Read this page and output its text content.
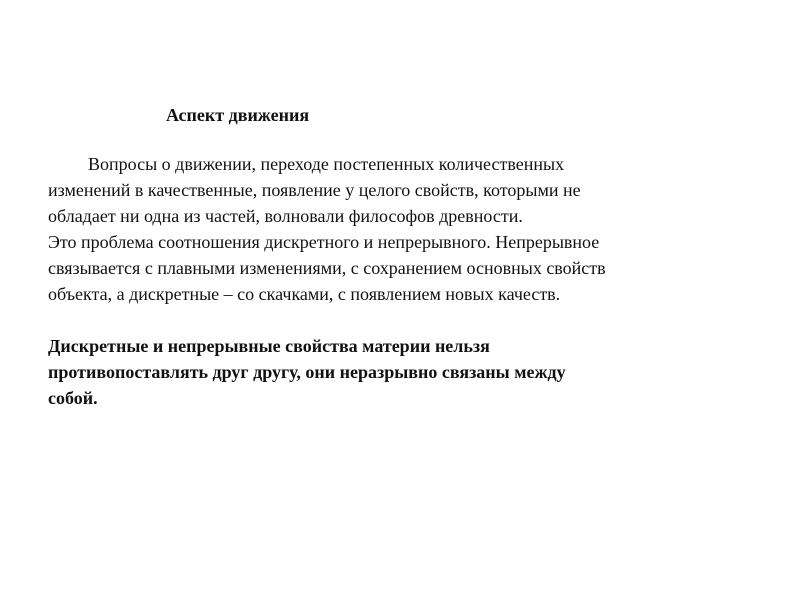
Аспект движения
Вопросы о движении, переходе постепенных количественных
изменений в качественные, появление у целого свойств, которыми не
обладает ни одна из частей, волновали философов древности.
Это проблема соотношения дискретного и непрерывного. Непрерывное
связывается с плавными изменениями, с сохранением основных свойств
объекта, а дискретные – со скачками, с появлением новых качеств.
Дискретные и непрерывные свойства материи нельзя
противопоставлять друг другу, они неразрывно связаны между
собой.
